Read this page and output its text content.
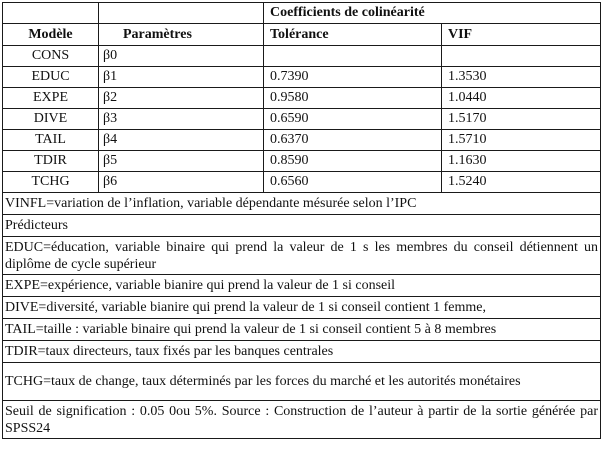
		Coefficients de colinéarité	
Modèle	Paramètres	Tolérance	VIF
CONS	β0		
EDUC	β1	0.7390	1.3530
EXPE	β2	0.9580	1.0440
DIVE	β3	0.6590	1.5170
TAIL	β4	0.6370	1.5710
TDIR	β5	0.8590	1.1630
TCHG	β6	0.6560	1.5240
VINFL=variation de l’inflation, variable dépendante mésurée selon l’IPC			
Prédicteurs			
EDUC=éducation, variable binaire qui prend la valeur de 1 s les membres du conseil détiennent un diplôme de cycle supérieur			
EXPE=expérience, variable bianire qui prend la valeur de 1 si conseil			
DIVE=diversité, variable bianire qui prend la valeur de 1 si conseil contient 1 femme,			
TAIL=taille : variable binaire qui prend la valeur de 1 si conseil contient 5 à 8 membres			
TDIR=taux directeurs, taux fixés par les banques centrales			
TCHG=taux de change, taux déterminés par les forces du marché et les autorités monétaires			
Seuil de signification : 0.05 0ou 5%. Source : Construction de l’auteur à partir de la sortie générée par SPSS24			
